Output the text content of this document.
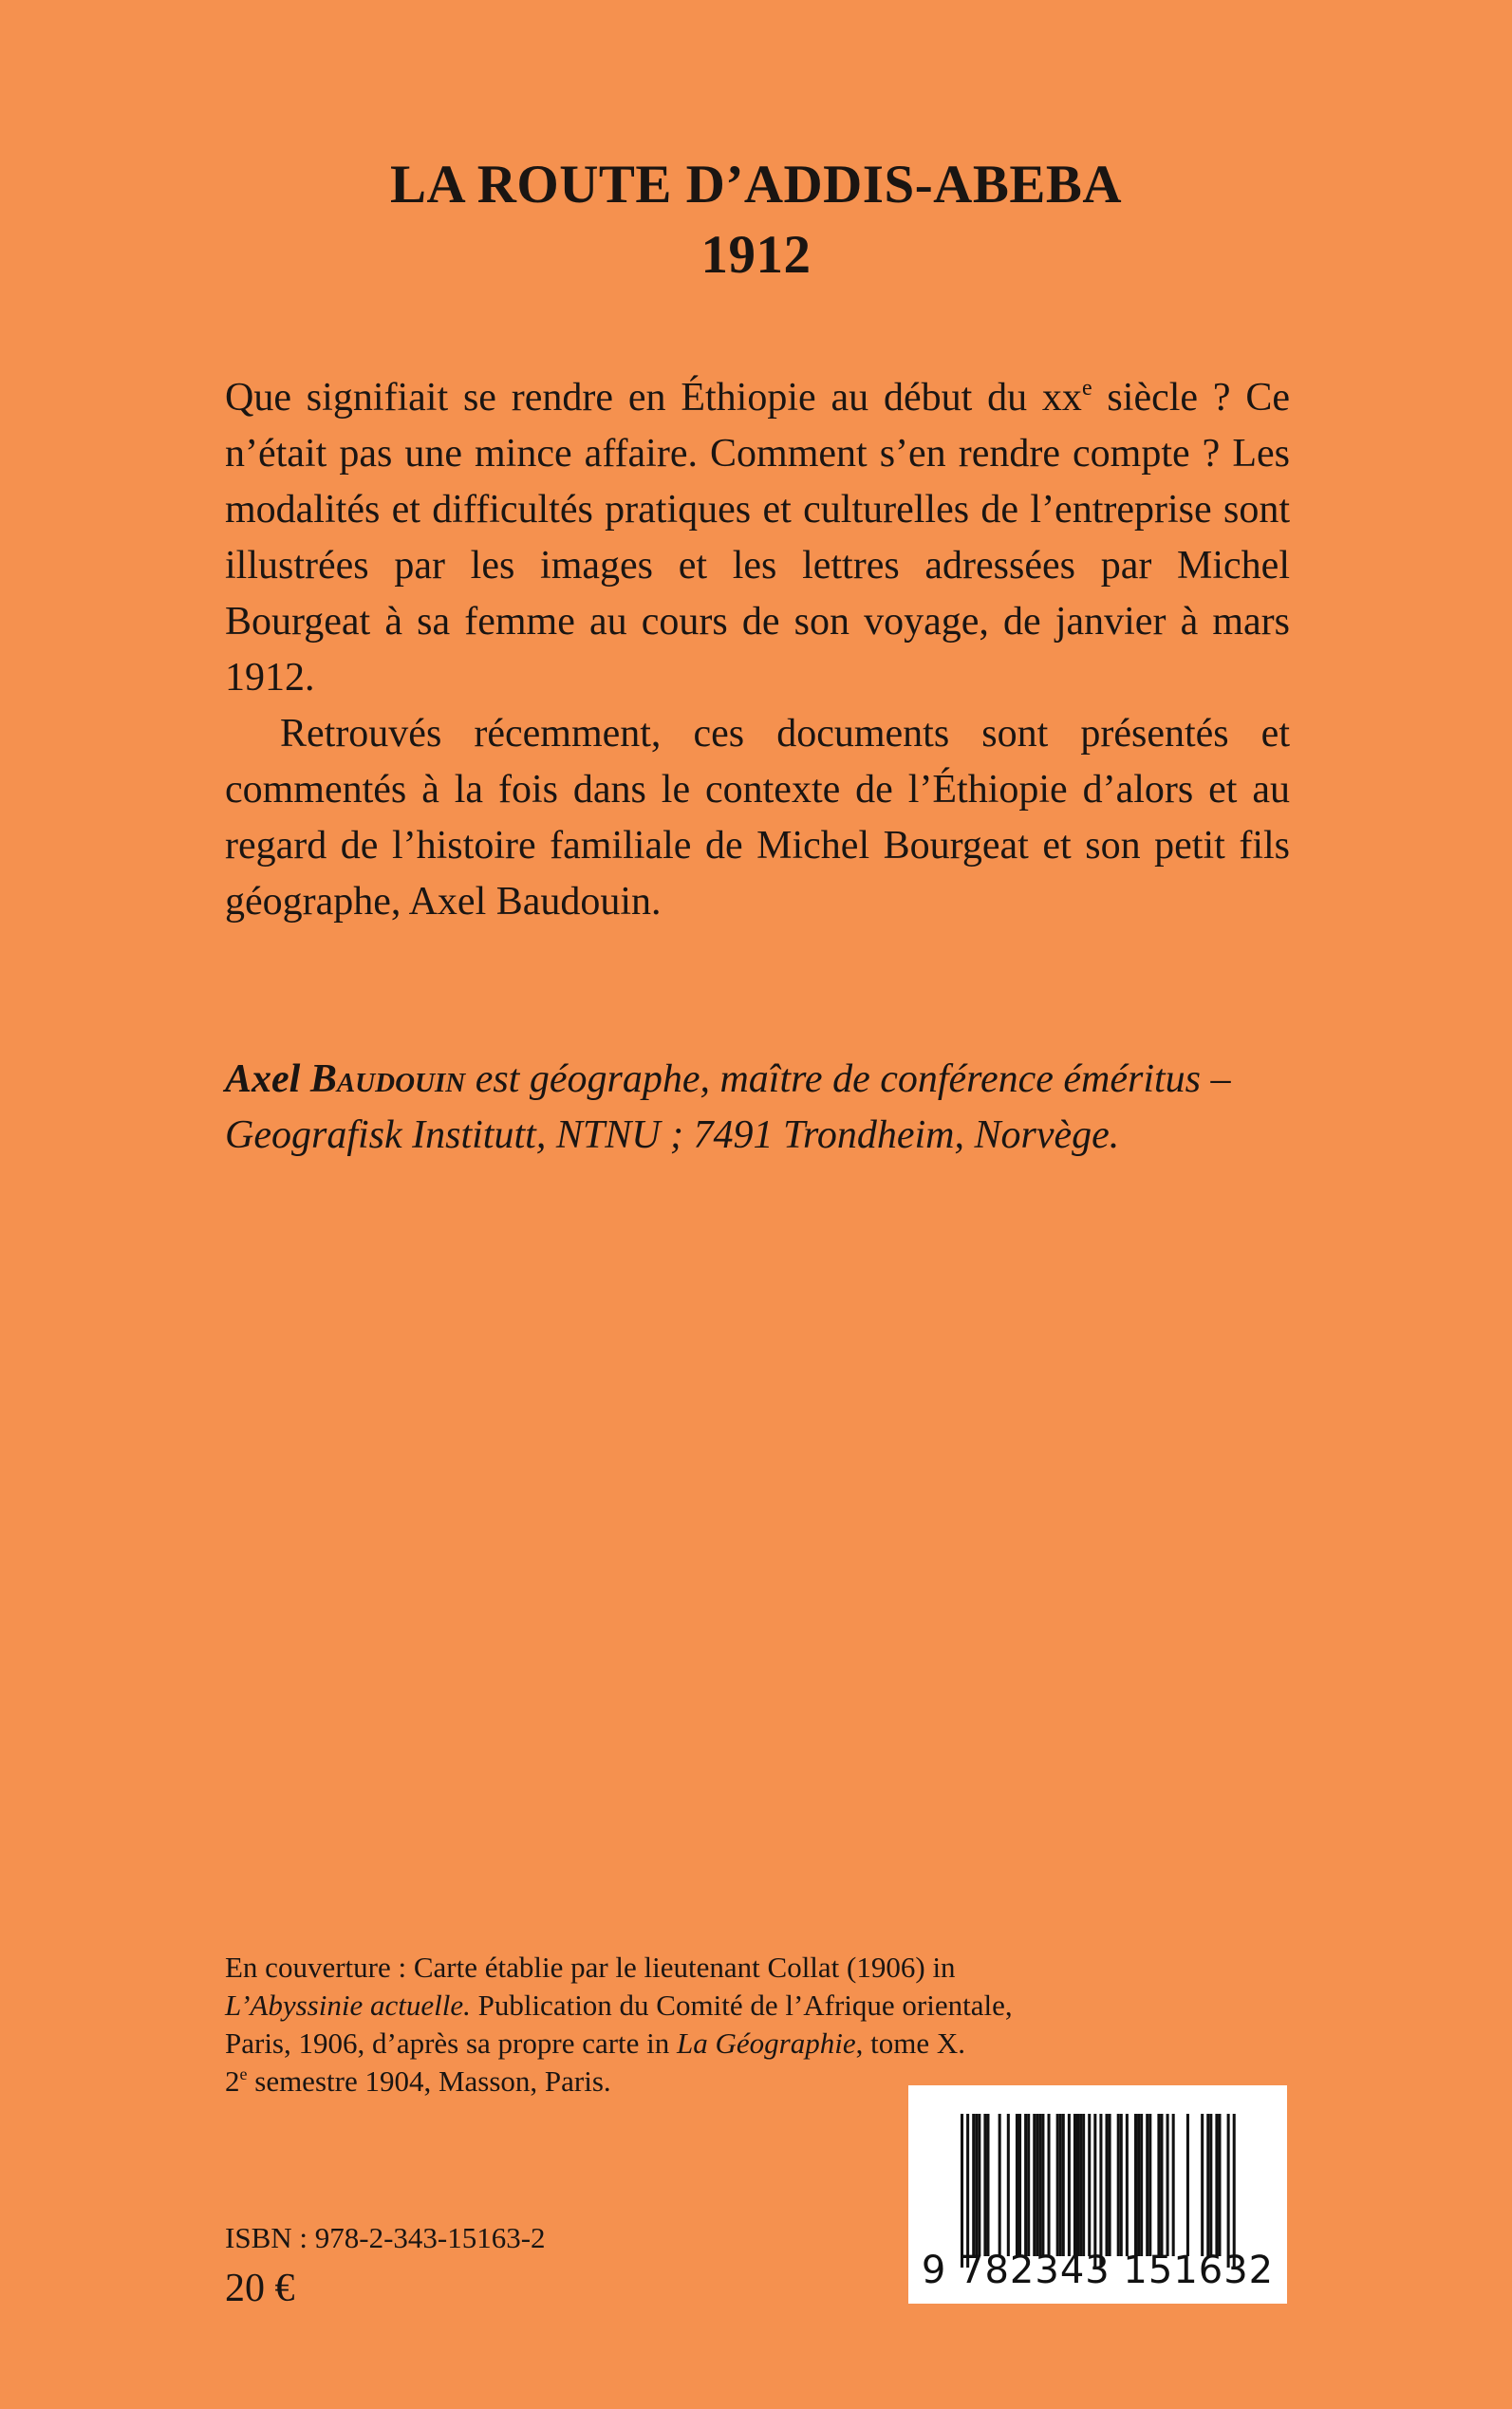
LA ROUTE D’ADDIS-ABEBA
1912

Que signifiait se rendre en Éthiopie au début du $xx^e$ siècle ? Ce n’était pas une mince affaire. Comment s’en rendre compte ? Les modalités et difficultés pratiques et culturelles de l’entreprise sont illustrées par les images et les lettres adressées par Michel Bourgeat à sa femme au cours de son voyage, de janvier à mars 1912.

Retrouvés récemment, ces documents sont présentés et commentés à la fois dans le contexte de l’Éthiopie d’alors et au regard de l’histoire familiale de Michel Bourgeat et son petit fils géographe, Axel Baudouin.

Axel Baudouin est géographe, maître de conférence éméritus – Geografisk Institutt, NTNU ; 7491 Trondheim, Norvège.
En couverture : Carte établie par le lieutenant Collat (1906) in
L’Abyssinie actuelle. Publication du Comité de l’Afrique orientale, Paris, 1906, d’après sa propre carte in La Géographie, tome X.
2e semestre 1904, Masson, Paris.
ISBN : 978-2-343-15163-2
20 €	9 782343 151632
